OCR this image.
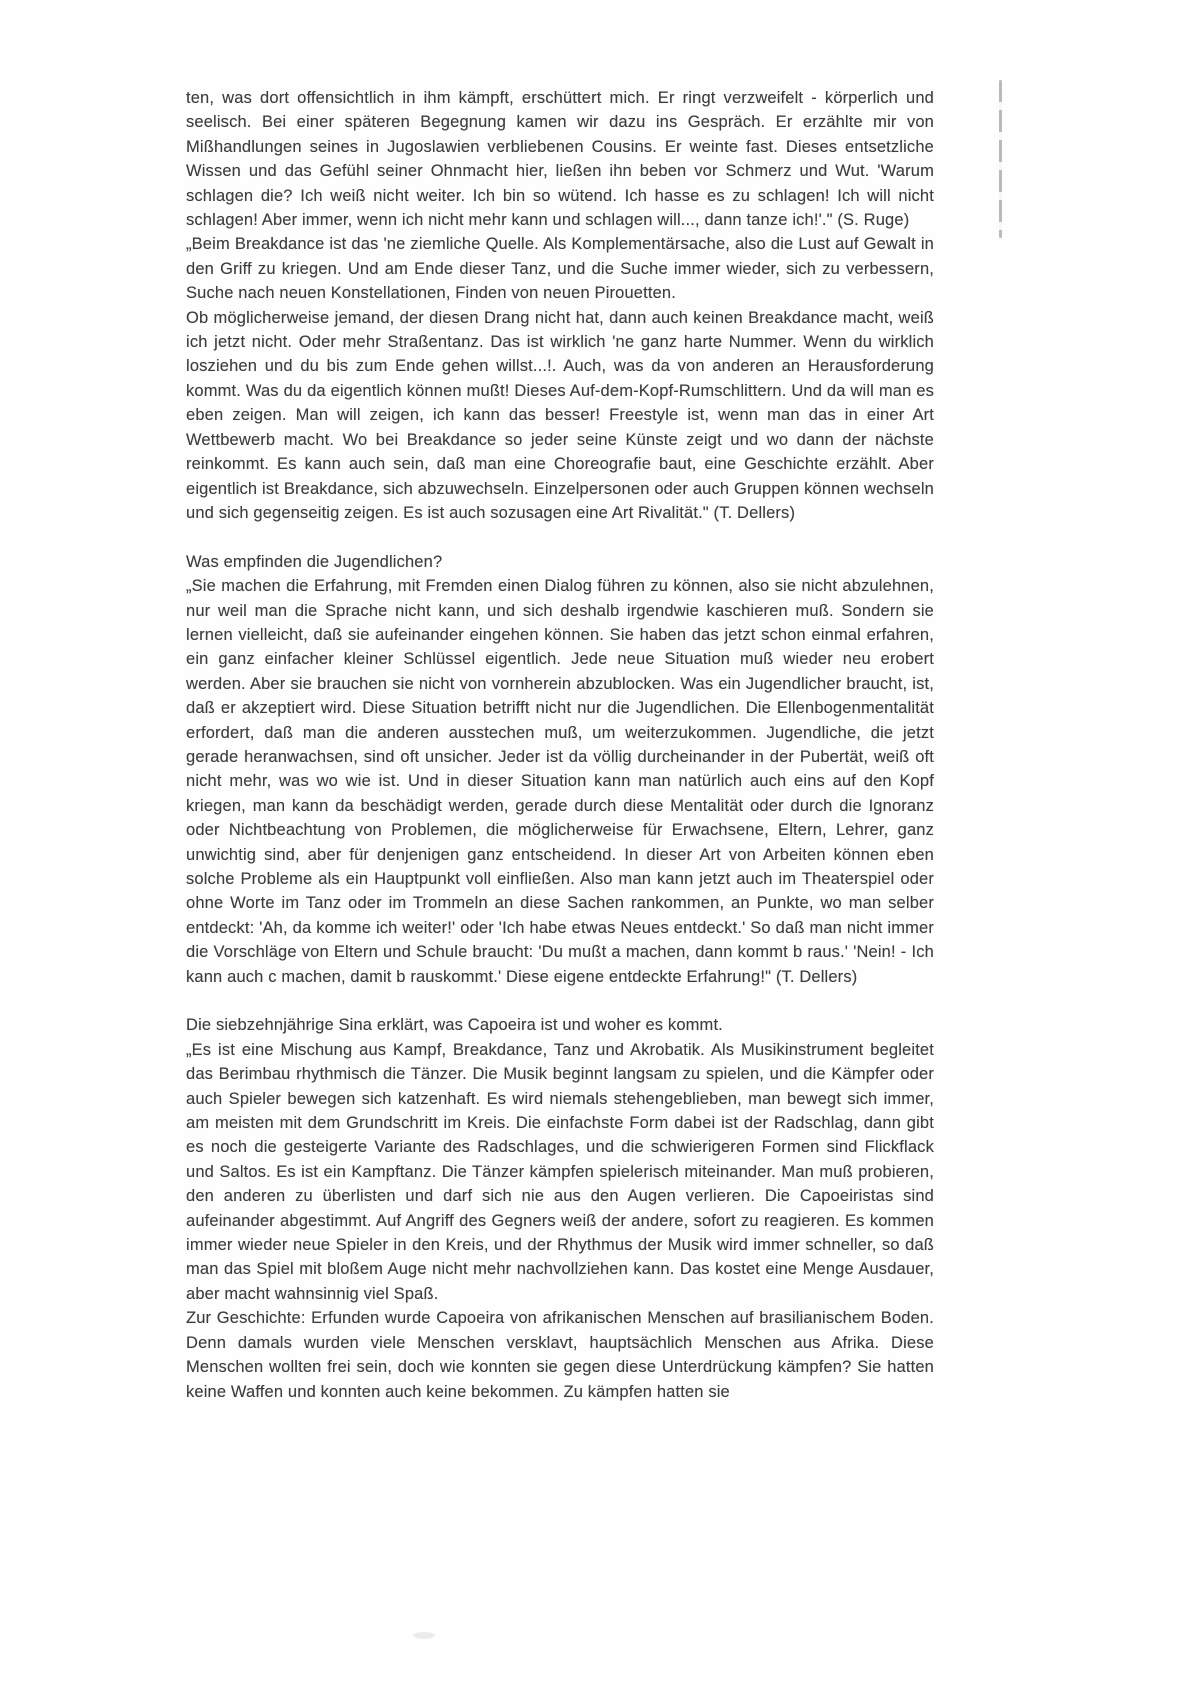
ten, was dort offensichtlich in ihm kämpft, erschüttert mich. Er ringt verzweifelt - körperlich und seelisch. Bei einer späteren Begegnung kamen wir dazu ins Gespräch. Er erzählte mir von Mißhandlungen seines in Jugoslawien verbliebenen Cousins. Er weinte fast. Dieses entsetzliche Wissen und das Gefühl seiner Ohnmacht hier, ließen ihn beben vor Schmerz und Wut. 'Warum schlagen die? Ich weiß nicht weiter. Ich bin so wütend. Ich hasse es zu schlagen! Ich will nicht schlagen! Aber immer, wenn ich nicht mehr kann und schlagen will..., dann tanze ich!'." (S. Ruge)

„Beim Breakdance ist das 'ne ziemliche Quelle. Als Komplementärsache, also die Lust auf Gewalt in den Griff zu kriegen. Und am Ende dieser Tanz, und die Suche immer wieder, sich zu verbessern, Suche nach neuen Konstellationen, Finden von neuen Pirouetten.

Ob möglicherweise jemand, der diesen Drang nicht hat, dann auch keinen Breakdance macht, weiß ich jetzt nicht. Oder mehr Straßentanz. Das ist wirklich 'ne ganz harte Nummer. Wenn du wirklich losziehen und du bis zum Ende gehen willst...!. Auch, was da von anderen an Herausforderung kommt. Was du da eigentlich können mußt! Dieses Auf-dem-Kopf-Rumschlittern. Und da will man es eben zeigen. Man will zeigen, ich kann das besser! Freestyle ist, wenn man das in einer Art Wettbewerb macht. Wo bei Breakdance so jeder seine Künste zeigt und wo dann der nächste reinkommt. Es kann auch sein, daß man eine Choreografie baut, eine Geschichte erzählt. Aber eigentlich ist Breakdance, sich abzuwechseln. Einzelpersonen oder auch Gruppen können wechseln und sich gegenseitig zeigen. Es ist auch sozusagen eine Art Rivalität." (T. Dellers)

Was empfinden die Jugendlichen?

„Sie machen die Erfahrung, mit Fremden einen Dialog führen zu können, also sie nicht abzulehnen, nur weil man die Sprache nicht kann, und sich deshalb irgendwie kaschieren muß. Sondern sie lernen vielleicht, daß sie aufeinander eingehen können. Sie haben das jetzt schon einmal erfahren, ein ganz einfacher kleiner Schlüssel eigentlich. Jede neue Situation muß wieder neu erobert werden. Aber sie brauchen sie nicht von vornherein abzublocken. Was ein Jugendlicher braucht, ist, daß er akzeptiert wird. Diese Situation betrifft nicht nur die Jugendlichen. Die Ellenbogenmentalität erfordert, daß man die anderen ausstechen muß, um weiterzukommen. Jugendliche, die jetzt gerade heranwachsen, sind oft unsicher. Jeder ist da völlig durcheinander in der Pubertät, weiß oft nicht mehr, was wo wie ist. Und in dieser Situation kann man natürlich auch eins auf den Kopf kriegen, man kann da beschädigt werden, gerade durch diese Mentalität oder durch die Ignoranz oder Nichtbeachtung von Problemen, die möglicherweise für Erwachsene, Eltern, Lehrer, ganz unwichtig sind, aber für denjenigen ganz entscheidend. In dieser Art von Arbeiten können eben solche Probleme als ein Hauptpunkt voll einfließen. Also man kann jetzt auch im Theaterspiel oder ohne Worte im Tanz oder im Trommeln an diese Sachen rankommen, an Punkte, wo man selber entdeckt: 'Ah, da komme ich weiter!' oder 'Ich habe etwas Neues entdeckt.' So daß man nicht immer die Vorschläge von Eltern und Schule braucht: 'Du mußt a machen, dann kommt b raus.' 'Nein! - Ich kann auch c machen, damit b rauskommt.' Diese eigene entdeckte Erfahrung!" (T. Dellers)

Die siebzehnjährige Sina erklärt, was Capoeira ist und woher es kommt.

„Es ist eine Mischung aus Kampf, Breakdance, Tanz und Akrobatik. Als Musikinstrument begleitet das Berimbau rhythmisch die Tänzer. Die Musik beginnt langsam zu spielen, und die Kämpfer oder auch Spieler bewegen sich katzenhaft. Es wird niemals stehengeblieben, man bewegt sich immer, am meisten mit dem Grundschritt im Kreis. Die einfachste Form dabei ist der Radschlag, dann gibt es noch die gesteigerte Variante des Radschlages, und die schwierigeren Formen sind Flickflack und Saltos. Es ist ein Kampftanz. Die Tänzer kämpfen spielerisch miteinander. Man muß probieren, den anderen zu überlisten und darf sich nie aus den Augen verlieren. Die Capoeiristas sind aufeinander abgestimmt. Auf Angriff des Gegners weiß der andere, sofort zu reagieren. Es kommen immer wieder neue Spieler in den Kreis, und der Rhythmus der Musik wird immer schneller, so daß man das Spiel mit bloßem Auge nicht mehr nachvollziehen kann. Das kostet eine Menge Ausdauer, aber macht wahnsinnig viel Spaß.

Zur Geschichte: Erfunden wurde Capoeira von afrikanischen Menschen auf brasilianischem Boden. Denn damals wurden viele Menschen versklavt, hauptsächlich Menschen aus Afrika. Diese Menschen wollten frei sein, doch wie konnten sie gegen diese Unterdrückung kämpfen? Sie hatten keine Waffen und konnten auch keine bekommen. Zu kämpfen hatten sie
